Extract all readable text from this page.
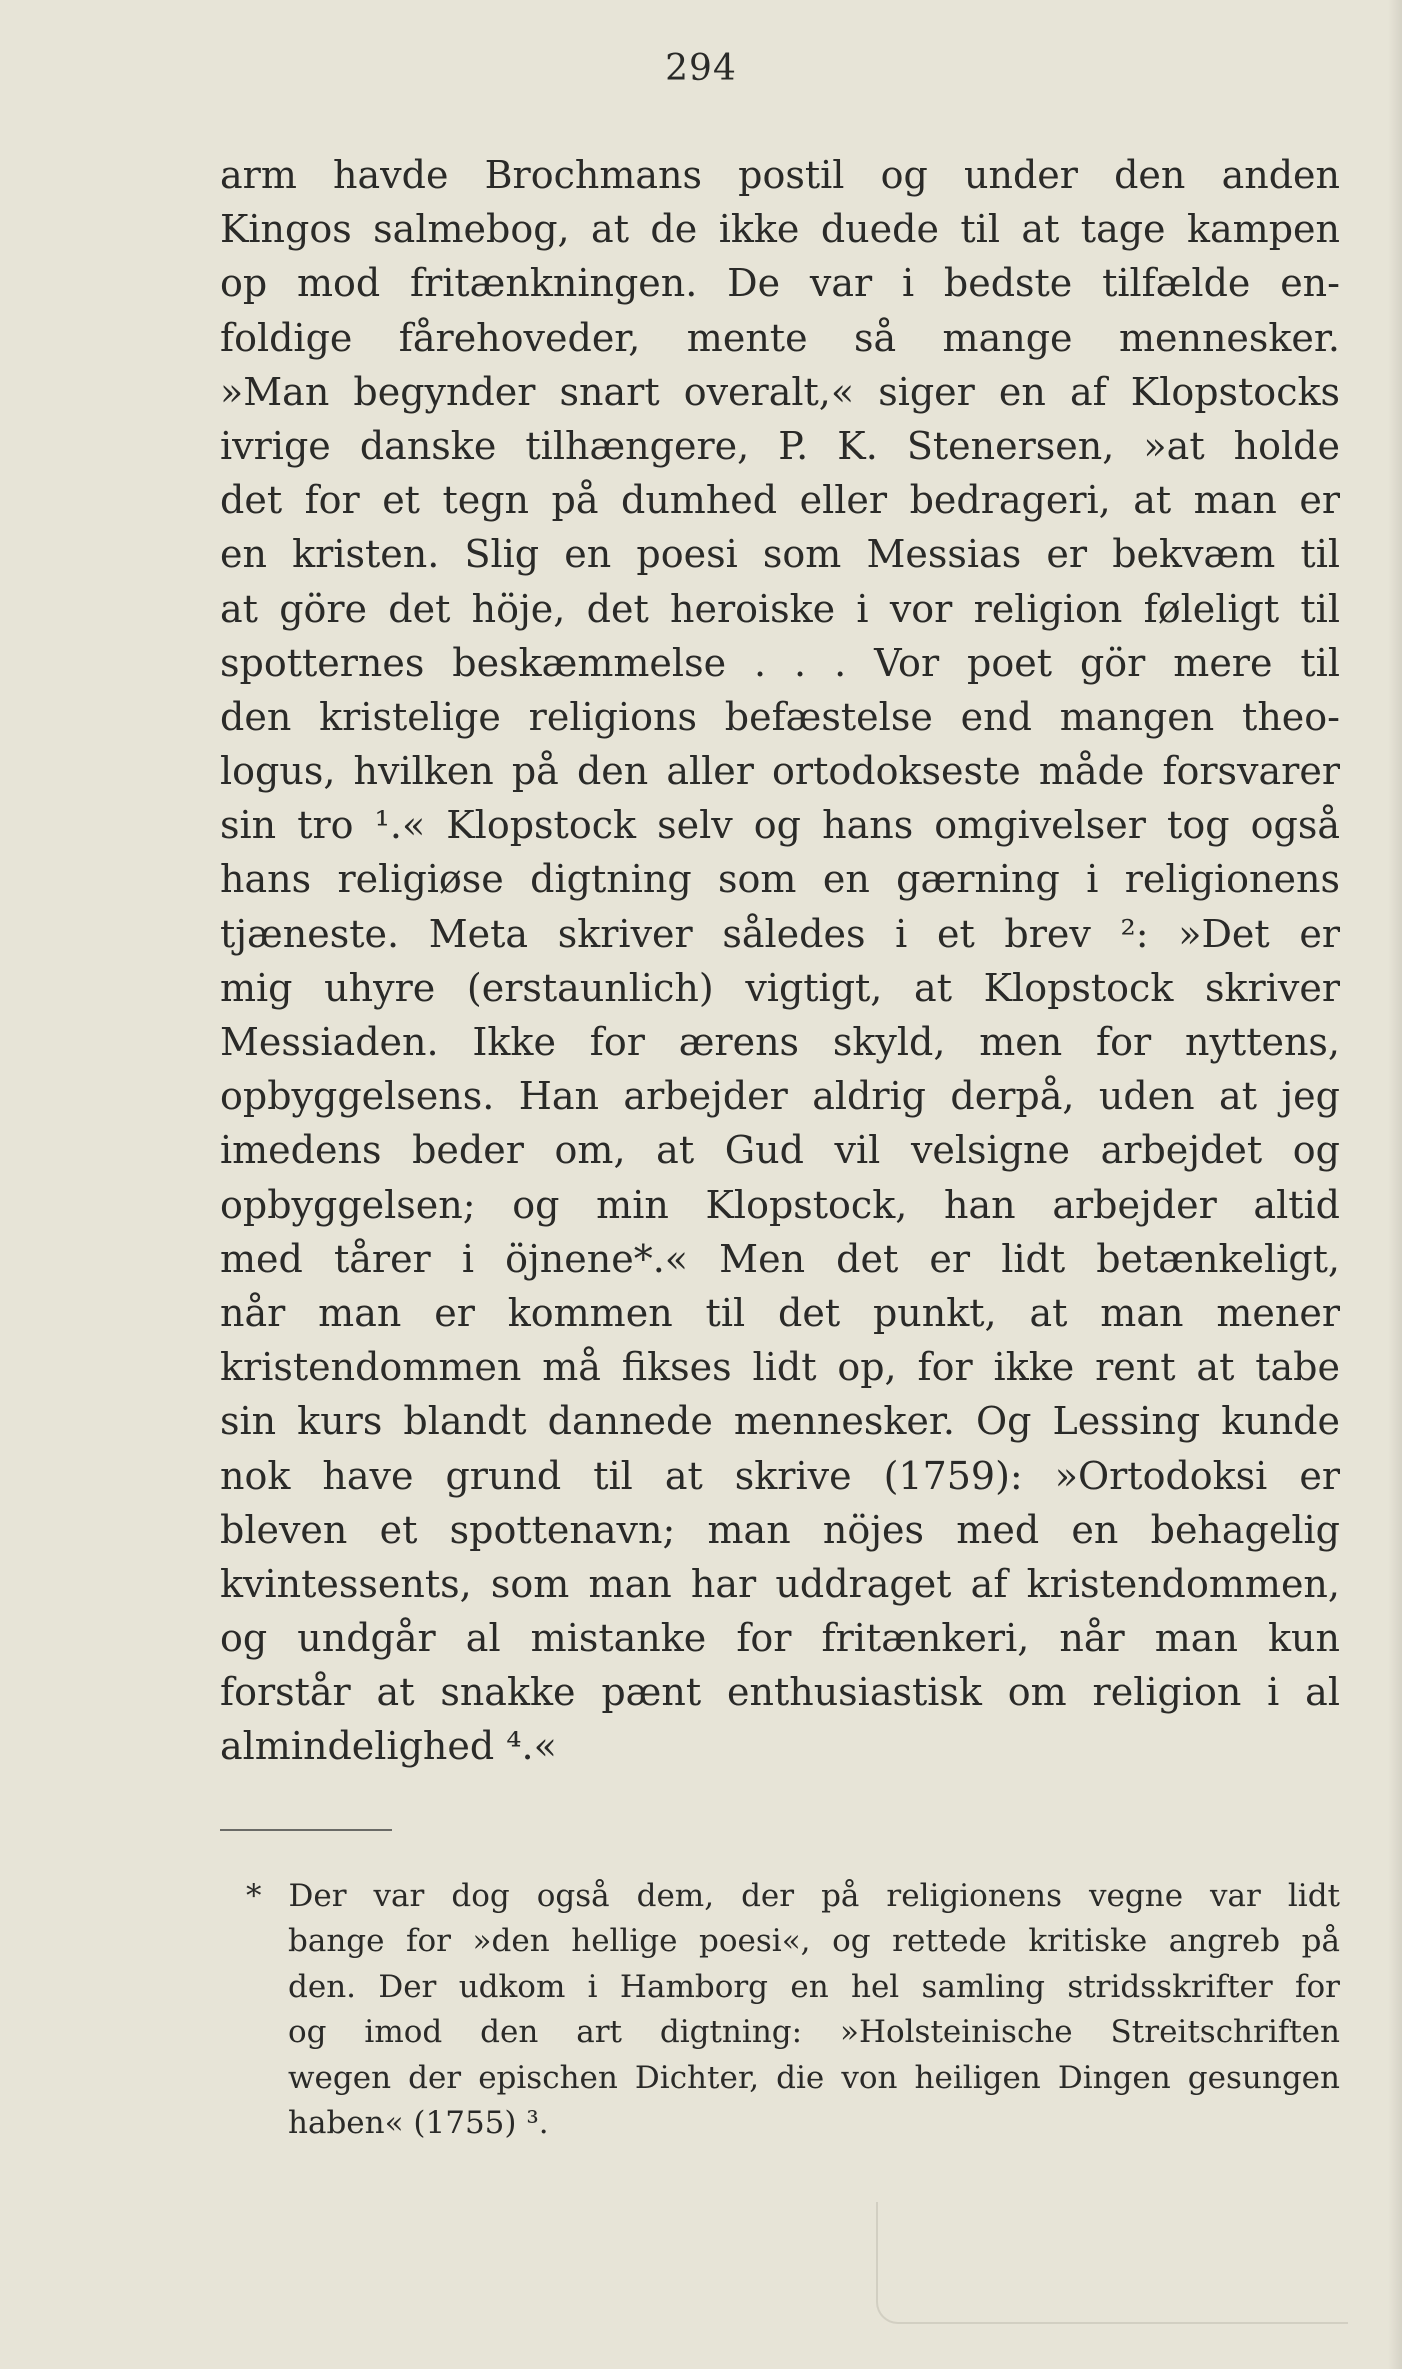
294
arm havde Brochmans postil og under den anden
Kingos salmebog, at de ikke duede til at tage kampen
op mod fritænkningen. De var i bedste tilfælde en-
foldige fårehoveder, mente så mange mennesker.
»Man begynder snart overalt,« siger en af Klopstocks
ivrige danske tilhængere, P. K. Stenersen, »at holde
det for et tegn på dumhed eller bedrageri, at man er
en kristen. Slig en poesi som Messias er bekvæm til
at göre det höje, det heroiske i vor religion føleligt til
spotternes beskæmmelse . . . Vor poet gör mere til
den kristelige religions befæstelse end mangen theo-
logus, hvilken på den aller ortodokseste måde forsvarer
sin tro ¹.« Klopstock selv og hans omgivelser tog også
hans religiøse digtning som en gærning i religionens
tjæneste. Meta skriver således i et brev ²: »Det er
mig uhyre (erstaunlich) vigtigt, at Klopstock skriver
Messiaden. Ikke for ærens skyld, men for nyttens,
opbyggelsens. Han arbejder aldrig derpå, uden at jeg
imedens beder om, at Gud vil velsigne arbejdet og
opbyggelsen; og min Klopstock, han arbejder altid
med tårer i öjnene*.« Men det er lidt betænkeligt,
når man er kommen til det punkt, at man mener
kristendommen må fikses lidt op, for ikke rent at tabe
sin kurs blandt dannede mennesker. Og Lessing kunde
nok have grund til at skrive (1759): »Ortodoksi er
bleven et spottenavn; man nöjes med en behagelig
kvintessents, som man har uddraget af kristendommen,
og undgår al mistanke for fritænkeri, når man kun
forstår at snakke pænt enthusiastisk om religion i al
almindelighed ⁴.«
* Der var dog også dem, der på religionens vegne var lidt
bange for »den hellige poesi«, og rettede kritiske angreb på
den. Der udkom i Hamborg en hel samling stridsskrifter for
og imod den art digtning: »Holsteinische Streitschriften
wegen der epischen Dichter, die von heiligen Dingen gesungen
haben« (1755) ³.
